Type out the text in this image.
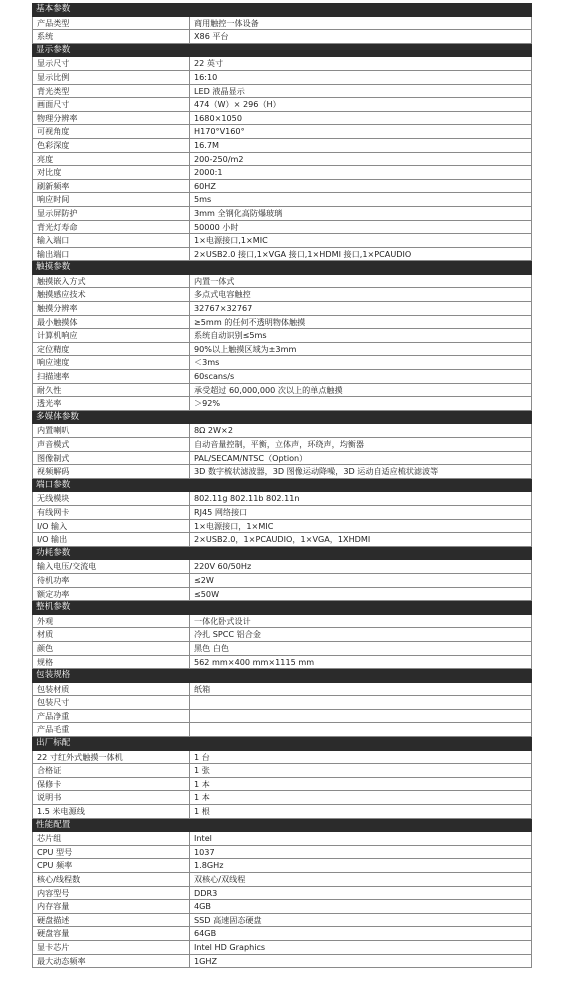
基本参数
产品类型	商用触控一体设备
系统	X86 平台
显示参数
显示尺寸	22 英寸
显示比例	16:10
背光类型	LED 液晶显示
画面尺寸	474（W）× 296（H）
物理分辨率	1680×1050
可视角度	H170°V160°
色彩深度	16.7M
亮度	200-250/m2
对比度	2000:1
刷新频率	60HZ
响应时间	5ms
显示屏防护	3mm 全钢化高防爆玻璃
背光灯寿命	50000 小时
输入端口	1×电源接口,1×MIC
输出端口	2×USB2.0 接口,1×VGA 接口,1×HDMI 接口,1×PCAUDIO
触摸参数
触摸嵌入方式	内置一体式
触摸感应技术	多点式电容触控
触摸分辨率	32767×32767
最小触摸体	≥5mm 的任何不透明物体触摸
计算机响应	系统自动识别≤5ms
定位精度	90%以上触摸区域为±3mm
响应速度	＜3ms
扫描速率	60scans/s
耐久性	承受超过 60,000,000 次以上的单点触摸
透光率	＞92%
多媒体参数
内置喇叭	8Ω 2W×2
声音模式	自动音量控制，平衡，立体声，环绕声，均衡器
图像制式	PAL/SECAM/NTSC（Option）
视频解码	3D 数字梳状滤波器，3D 图像运动降噪，3D 运动自适应梳状滤波等
端口参数
无线模块	802.11g 802.11b 802.11n
有线网卡	RJ45 网络接口
I/O 输入	1×电源接口，1×MIC
I/O 输出	2×USB2.0，1×PCAUDIO，1×VGA，1XHDMI
功耗参数
输入电压/交流电	220V 60/50Hz
待机功率	≤2W
额定功率	≤50W
整机参数
外观	一体化卧式设计
材质	冷扎 SPCC 铝合金
颜色	黑色 白色
规格	562 mm×400 mm×1115 mm
包装规格
包装材质	纸箱
包装尺寸
产品净重
产品毛重
出厂标配
22 寸红外式触摸一体机	1 台
合格证	1 张
保修卡	1 本
说明书	1 本
1.5 米电源线	1 根
性能配置
芯片组	Intel
CPU 型号	1037
CPU 频率	1.8GHz
核心/线程数	双核心/双线程
内容型号	DDR3
内存容量	4GB
硬盘描述	SSD 高速固态硬盘
硬盘容量	64GB
显卡芯片	Intel HD Graphics
最大动态频率	1GHZ
